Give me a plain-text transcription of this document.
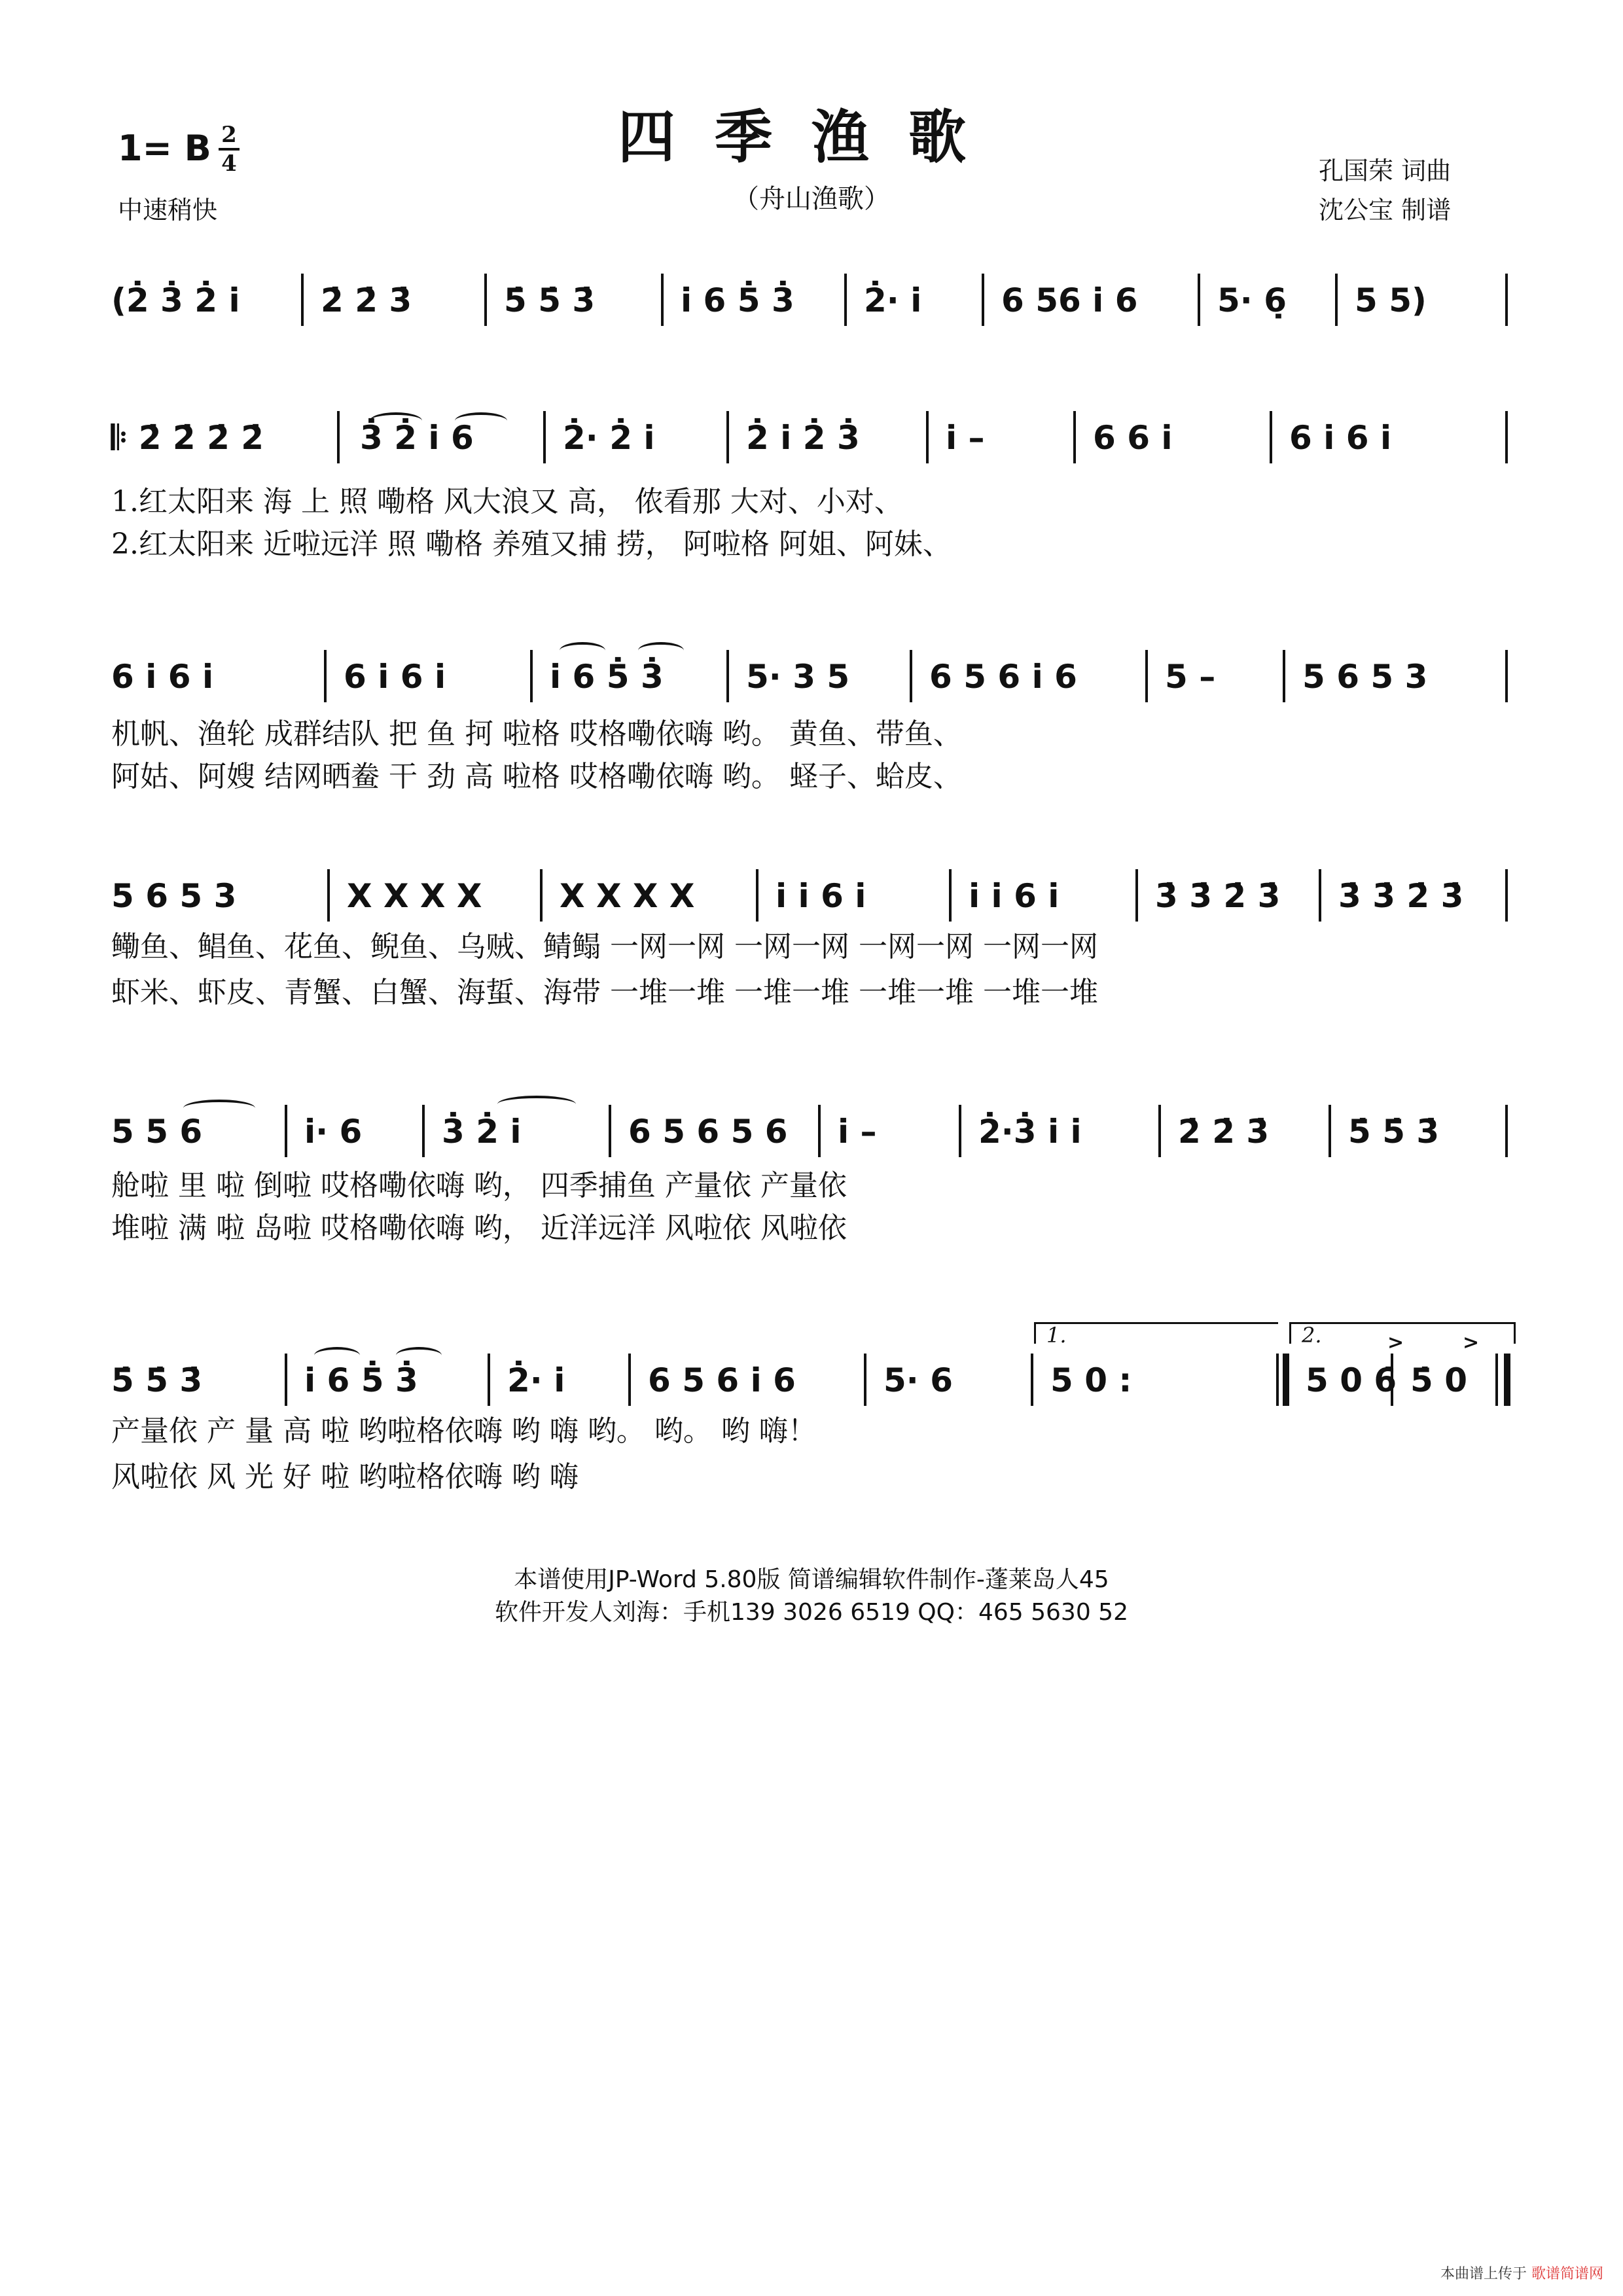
1= B 2
4
中速稍快
四季渔歌
（舟山渔歌）
孔国荣 词曲
沈公宝 制谱
(2̇ 3̇ 2̇ i̇ 2̇ 2̇ 3̇	5̇ 5̇ 3̇	i̇ 6 5̇ 3̇ 2̇· i̇ 6 56 i̇ 6 5· 6̣ 5 5)
𝄆 2̇ 2̇ 2̇ 2̇	3̇ 2̇ i̇ 6	2̇· 2̇ i̇	2̇ i̇ 2̇ 3̇	i̇ –	6 6 i̇	6 i̇ 6 i̇
1.红太阳来 海 上 照 嘞格 风大浪又 高， 侬看那 大对、小对、
2.红太阳来 近啦远洋 照 嘞格 养殖又捕 捞， 阿啦格 阿姐、阿妹、
6 i̇ 6 i̇	6 i̇ 6 i̇	i̇ 6 5̇ 3̇	5· 3 5 6 5 6 i̇ 6	5 –	5 6 5 3
机帆、渔轮 成群结队 把 鱼 抲 啦格 哎格嘞依嗨 哟。 黄鱼、带鱼、
阿姑、阿嫂 结网晒鲞 干 劲 高 啦格 哎格嘞依嗨 哟。 蛏子、蛤皮、
5 6 5 3	X X X X X X X X i̇ i̇ 6 i̇	i̇ i̇ 6 i̇	3̇ 3̇ 2̇ 3̇ 3̇ 3̇ 2̇ 3̇
鳓鱼、鲳鱼、花鱼、鲵鱼、乌贼、鲭鳎 一网一网 一网一网 一网一网 一网一网
虾米、虾皮、青蟹、白蟹、海蜇、海带 一堆一堆 一堆一堆 一堆一堆 一堆一堆
5 5 6	i̇· 6 3̇ 2̇ i̇	6 5 6 5 6 i̇ –	2̇·3̇ i̇ i̇	2̇ 2̇ 3̇ 5̇ 5̇ 3̇
舱啦 里 啦 倒啦 哎格嘞依嗨 哟， 四季捕鱼 产量依 产量依
堆啦 满 啦 岛啦 哎格嘞依嗨 哟， 近洋远洋 风啦依 风啦依
1.	2.	>	>
5̇ 5̇ 3̇	i̇ 6 5̇ 3̇	2̇· i̇	6 5 6 i̇ 6	5· 6	5 0 :	5 0 6̇ 5̇ 0
产量依 产 量 高 啦 哟啦格依嗨 哟 嗨 哟。 哟。 哟 嗨！
风啦依 风 光 好 啦 哟啦格依嗨 哟 嗨
本谱使用JP-Word 5.80版 简谱编辑软件制作-蓬莱岛人45
软件开发人刘海：手机139 3026 6519 QQ：465 5630 52
本曲谱上传于 歌谱简谱网
